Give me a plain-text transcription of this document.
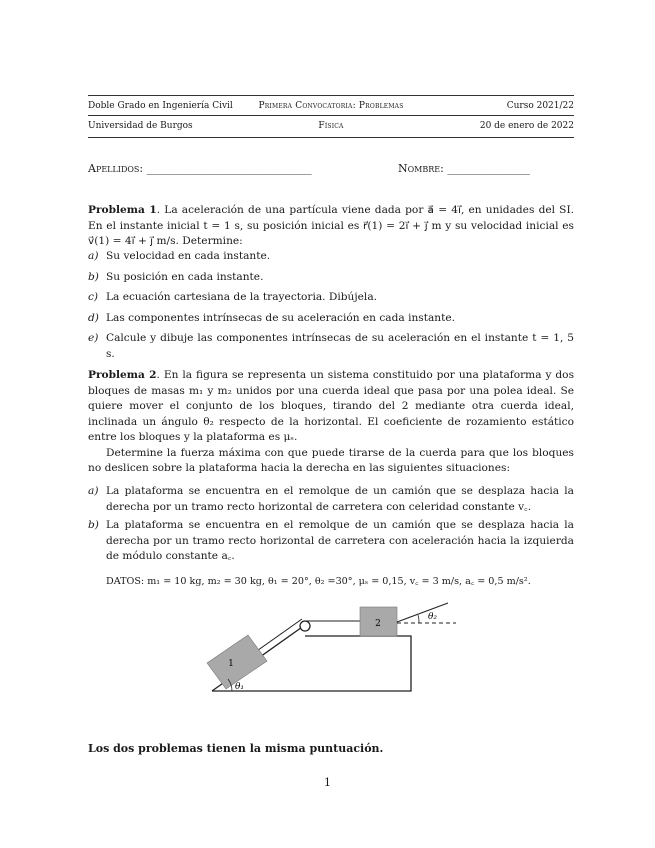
Doble Grado en Ingeniería Civil	Primera Convocatoria: Problemas	Curso 2021/22
Universidad de Burgos	Física	20 de enero de 2022
Apellidos: ______________________________	Nombre: _______________

Problema 1. La aceleración de una partícula viene dada por a⃗ = 4ı⃗, en unidades del SI. En el instante inicial t = 1 s, su posición inicial es r⃗(1) = 2ı⃗ + ȷ⃗ m y su velocidad inicial es v⃗(1) = 4ı⃗ + ȷ⃗ m/s. Determine:

a) Su velocidad en cada instante.
b) Su posición en cada instante.
c) La ecuación cartesiana de la trayectoria. Dibújela.
d) Las componentes intrínsecas de su aceleración en cada instante.
e) Calcule y dibuje las componentes intrínsecas de su aceleración en el instante t = 1, 5 s.

Problema 2. En la figura se representa un sistema constituido por una plataforma y dos bloques de masas m₁ y m₂ unidos por una cuerda ideal que pasa por una polea ideal. Se quiere mover el conjunto de los bloques, tirando del 2 mediante otra cuerda ideal, inclinada un ángulo θ₂ respecto de la horizontal. El coeficiente de rozamiento estático entre los bloques y la plataforma es μₛ.

Determine la fuerza máxima con que puede tirarse de la cuerda para que los bloques no deslicen sobre la plataforma hacia la derecha en las siguientes situaciones:

a) La plataforma se encuentra en el remolque de un camión que se desplaza hacia la derecha por un tramo recto horizontal de carretera con celeridad constante v꜀.
b) La plataforma se encuentra en el remolque de un camión que se desplaza hacia la derecha por un tramo recto horizontal de carretera con aceleración hacia la izquierda de módulo constante a꜀.
DATOS: m₁ = 10 kg, m₂ = 30 kg, θ₁ = 20°, θ₂ =30°, μₛ = 0,15, v꜀ = 3 m/s, a꜀ = 0,5 m/s².
1
2
θ₂
θ₁
Los dos problemas tienen la misma puntuación.
1
